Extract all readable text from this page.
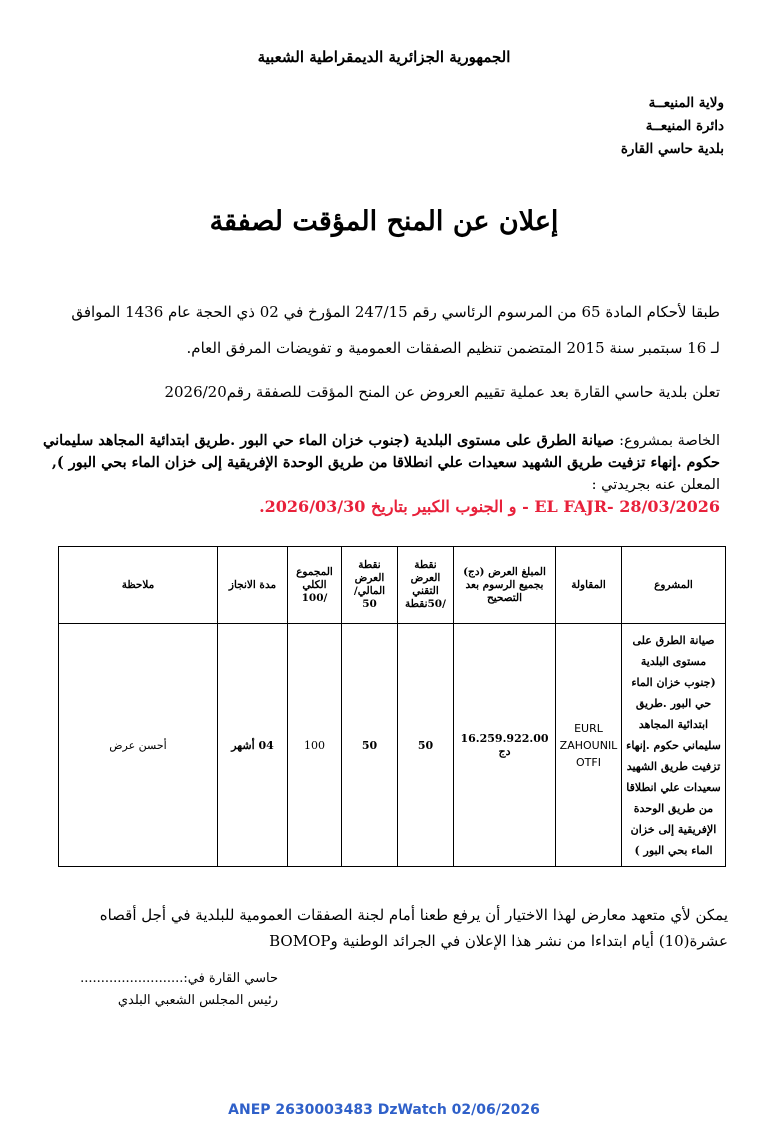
الجمهورية الجزائرية الديمقراطية الشعبية
ولاية المنيعــة
دائرة المنيعــة
بلدية حاسي القارة
إعلان عن المنح المؤقت لصفقة
طبقا لأحكام المادة 65 من المرسوم الرئاسي رقم 247/15 المؤرخ في 02 ذي الحجة عام 1436 الموافق
لـ 16 سبتمبر سنة 2015 المتضمن تنظيم الصفقات العمومية و تفويضات المرفق العام.
تعلن بلدية حاسي القارة بعد عملية تقييم العروض عن المنح المؤقت للصفقة رقم2026/20
الخاصة بمشروع: صيانة الطرق على مستوى البلدية (جنوب خزان الماء حي البور .طريق ابتدائية المجاهد سليماني حكوم .إنهاء تزفيت طريق الشهيد سعيدات علي انطلاقا من طريق الوحدة الإفريقية إلى خزان الماء بحي البور ),
المعلن عنه بجريدتي :
EL FAJR- 28/03/2026 - و الجنوب الكبير بتاريخ 2026/03/30.
المشروع	المقاولة	المبلغ العرض (دج) بجميع الرسوم بعد التصحيح	نقطة العرض التقني /50نقطة	نقطة العرض المالي/ 50	المجموع الكلي /100	مدة الانجاز	ملاحظة
صيانة الطرق على مستوى البلدية (جنوب خزان الماء حي البور .طريق ابتدائية المجاهد سليماني حكوم .إنهاء تزفيت طريق الشهيد سعيدات علي انطلاقا من طريق الوحدة الإفريقية إلى خزان الماء بحي البور )	EURL ZAHOUNIL OTFI	16.259.922.00 دج	50	50	100	04 أشهر	أحسن عرض
يمكن لأي متعهد معارض لهذا الاختيار أن يرفع طعنا أمام لجنة الصفقات العمومية للبلدية في أجل أقصاه
عشرة(10) أيام ابتداءا من نشر هذا الإعلان في الجرائد الوطنية وBOMOP
حاسي القارة في:.........................
رئيس المجلس الشعبي البلدي
ANEP 2630003483 DzWatch 02/06/2026
